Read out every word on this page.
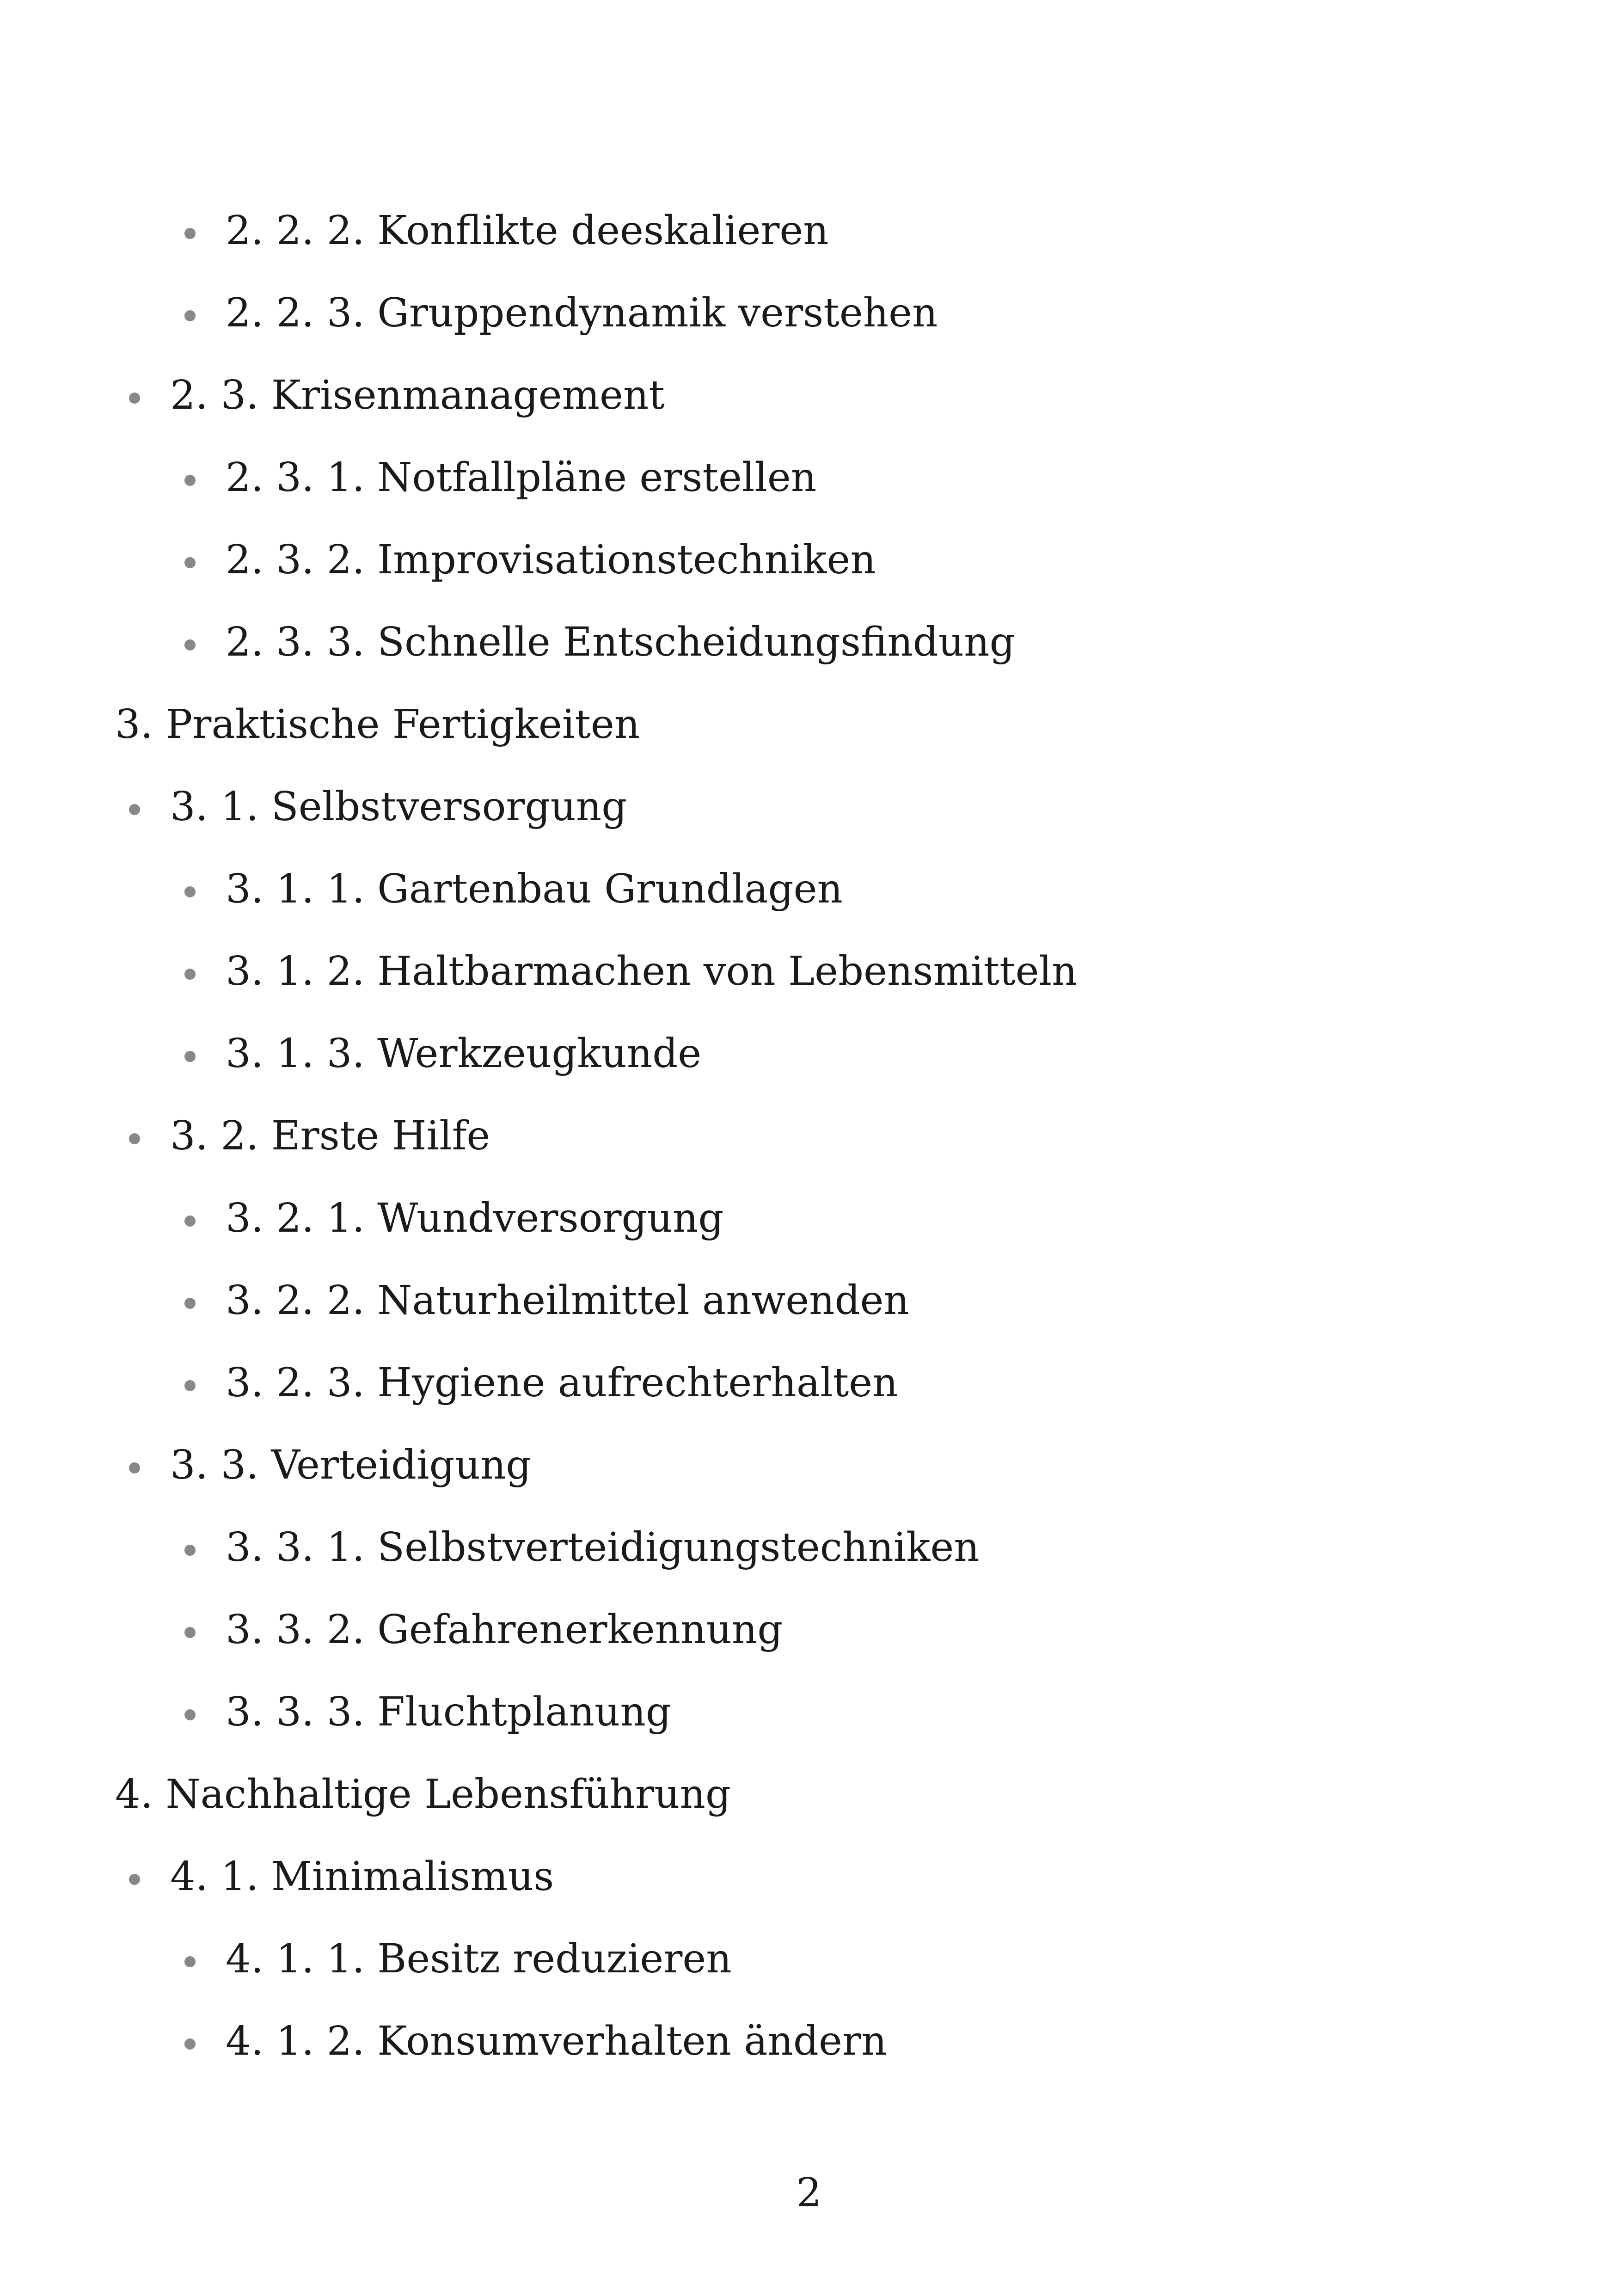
2. 2. 2. Konflikte deeskalieren
2. 2. 3. Gruppendynamik verstehen
2. 3. Krisenmanagement
2. 3. 1. Notfallpläne erstellen
2. 3. 2. Improvisationstechniken
2. 3. 3. Schnelle Entscheidungsfindung
3. Praktische Fertigkeiten
3. 1. Selbstversorgung
3. 1. 1. Gartenbau Grundlagen
3. 1. 2. Haltbarmachen von Lebensmitteln
3. 1. 3. Werkzeugkunde
3. 2. Erste Hilfe
3. 2. 1. Wundversorgung
3. 2. 2. Naturheilmittel anwenden
3. 2. 3. Hygiene aufrechterhalten
3. 3. Verteidigung
3. 3. 1. Selbstverteidigungstechniken
3. 3. 2. Gefahrenerkennung
3. 3. 3. Fluchtplanung
4. Nachhaltige Lebensführung
4. 1. Minimalismus
4. 1. 1. Besitz reduzieren
4. 1. 2. Konsumverhalten ändern
2
